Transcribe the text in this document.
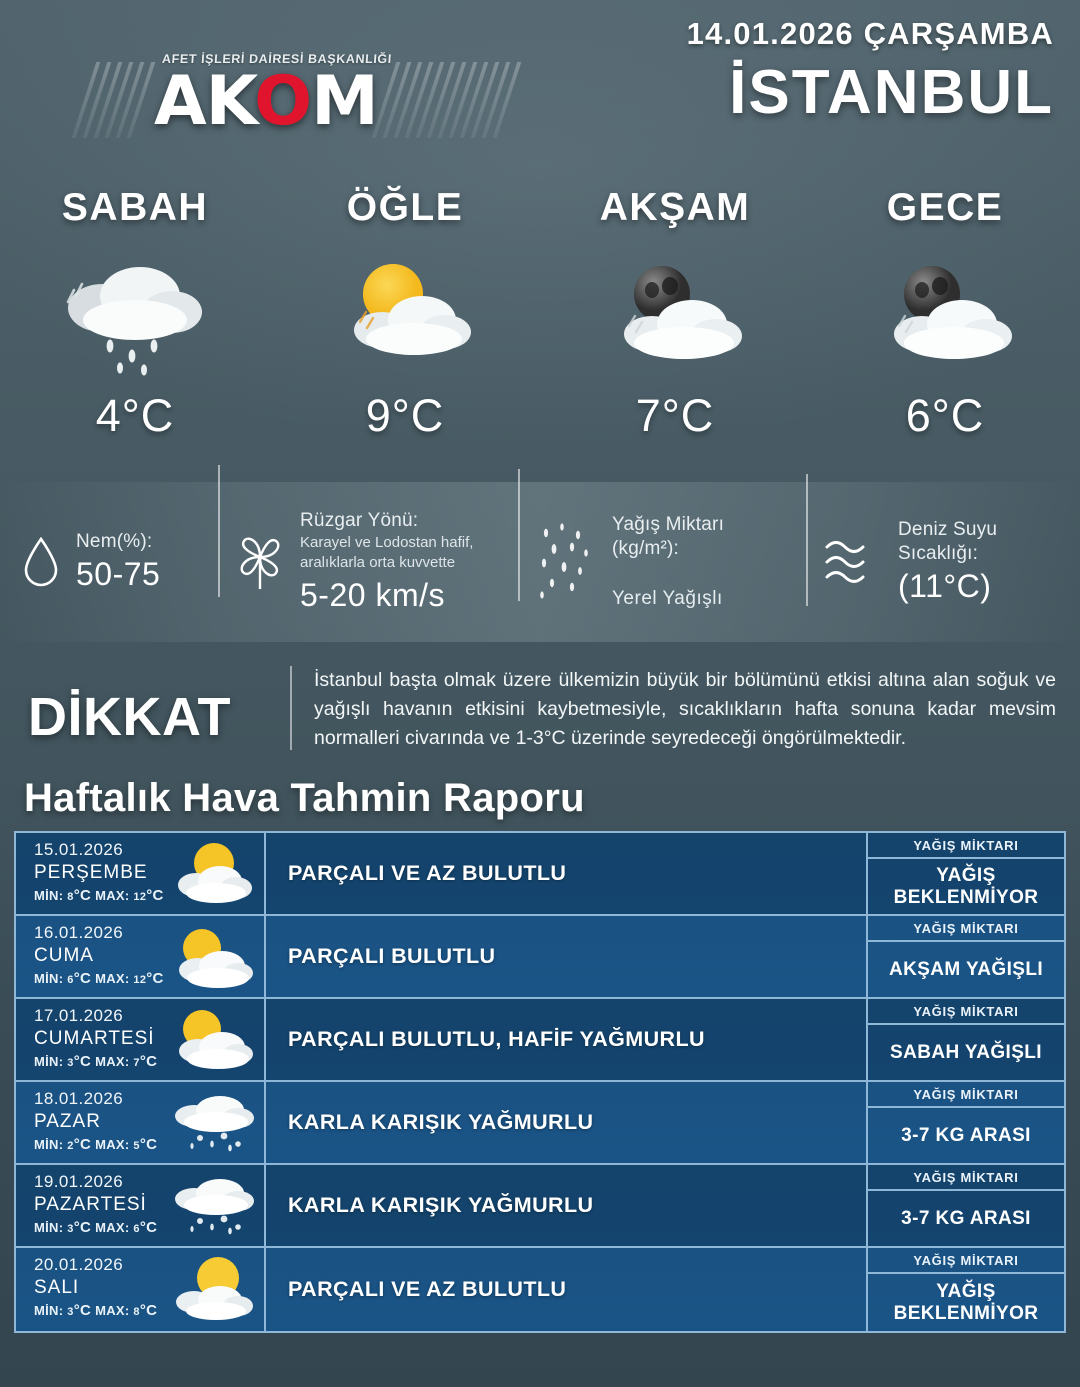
AFET İŞLERİ DAİRESİ BAŞKANLIĞI
AKOM
14.01.2026 ÇARŞAMBA
İSTANBUL
SABAH
4°C
ÖĞLE
9°C
AKŞAM
7°C
GECE
6°C
Nem(%):
50-75
Rüzgar Yönü:
Karayel ve Lodostan hafif, aralıklarla orta kuvvette
5-20 km/s
Yağış Miktarı (kg/m²):
Yerel Yağışlı
Deniz Suyu Sıcaklığı:
(11°C)
DİKKAT
İstanbul başta olmak üzere ülkemizin büyük bir bölümünü etkisi altına alan soğuk ve yağışlı havanın etkisini kaybetmesiyle, sıcaklıkların hafta sonuna kadar mevsim normalleri civarında ve 1-3°C üzerinde seyredeceği öngörülmektedir.
Haftalık Hava Tahmin Raporu
15.01.2026
PERŞEMBE
MİN: 8°C MAX: 12°C
PARÇALI VE AZ BULUTLU
YAĞIŞ MİKTARI
YAĞIŞ BEKLENMİYOR
16.01.2026
CUMA
MİN: 6°C MAX: 12°C
PARÇALI BULUTLU
YAĞIŞ MİKTARI
AKŞAM YAĞIŞLI
17.01.2026
CUMARTESİ
MİN: 3°C MAX: 7°C
PARÇALI BULUTLU, HAFİF YAĞMURLU
YAĞIŞ MİKTARI
SABAH YAĞIŞLI
18.01.2026
PAZAR
MİN: 2°C MAX: 5°C
KARLA KARIŞIK YAĞMURLU
YAĞIŞ MİKTARI
3-7 KG ARASI
19.01.2026
PAZARTESİ
MİN: 3°C MAX: 6°C
KARLA KARIŞIK YAĞMURLU
YAĞIŞ MİKTARI
3-7 KG ARASI
20.01.2026
SALI
MİN: 3°C MAX: 8°C
PARÇALI VE AZ BULUTLU
YAĞIŞ MİKTARI
YAĞIŞ BEKLENMİYOR
